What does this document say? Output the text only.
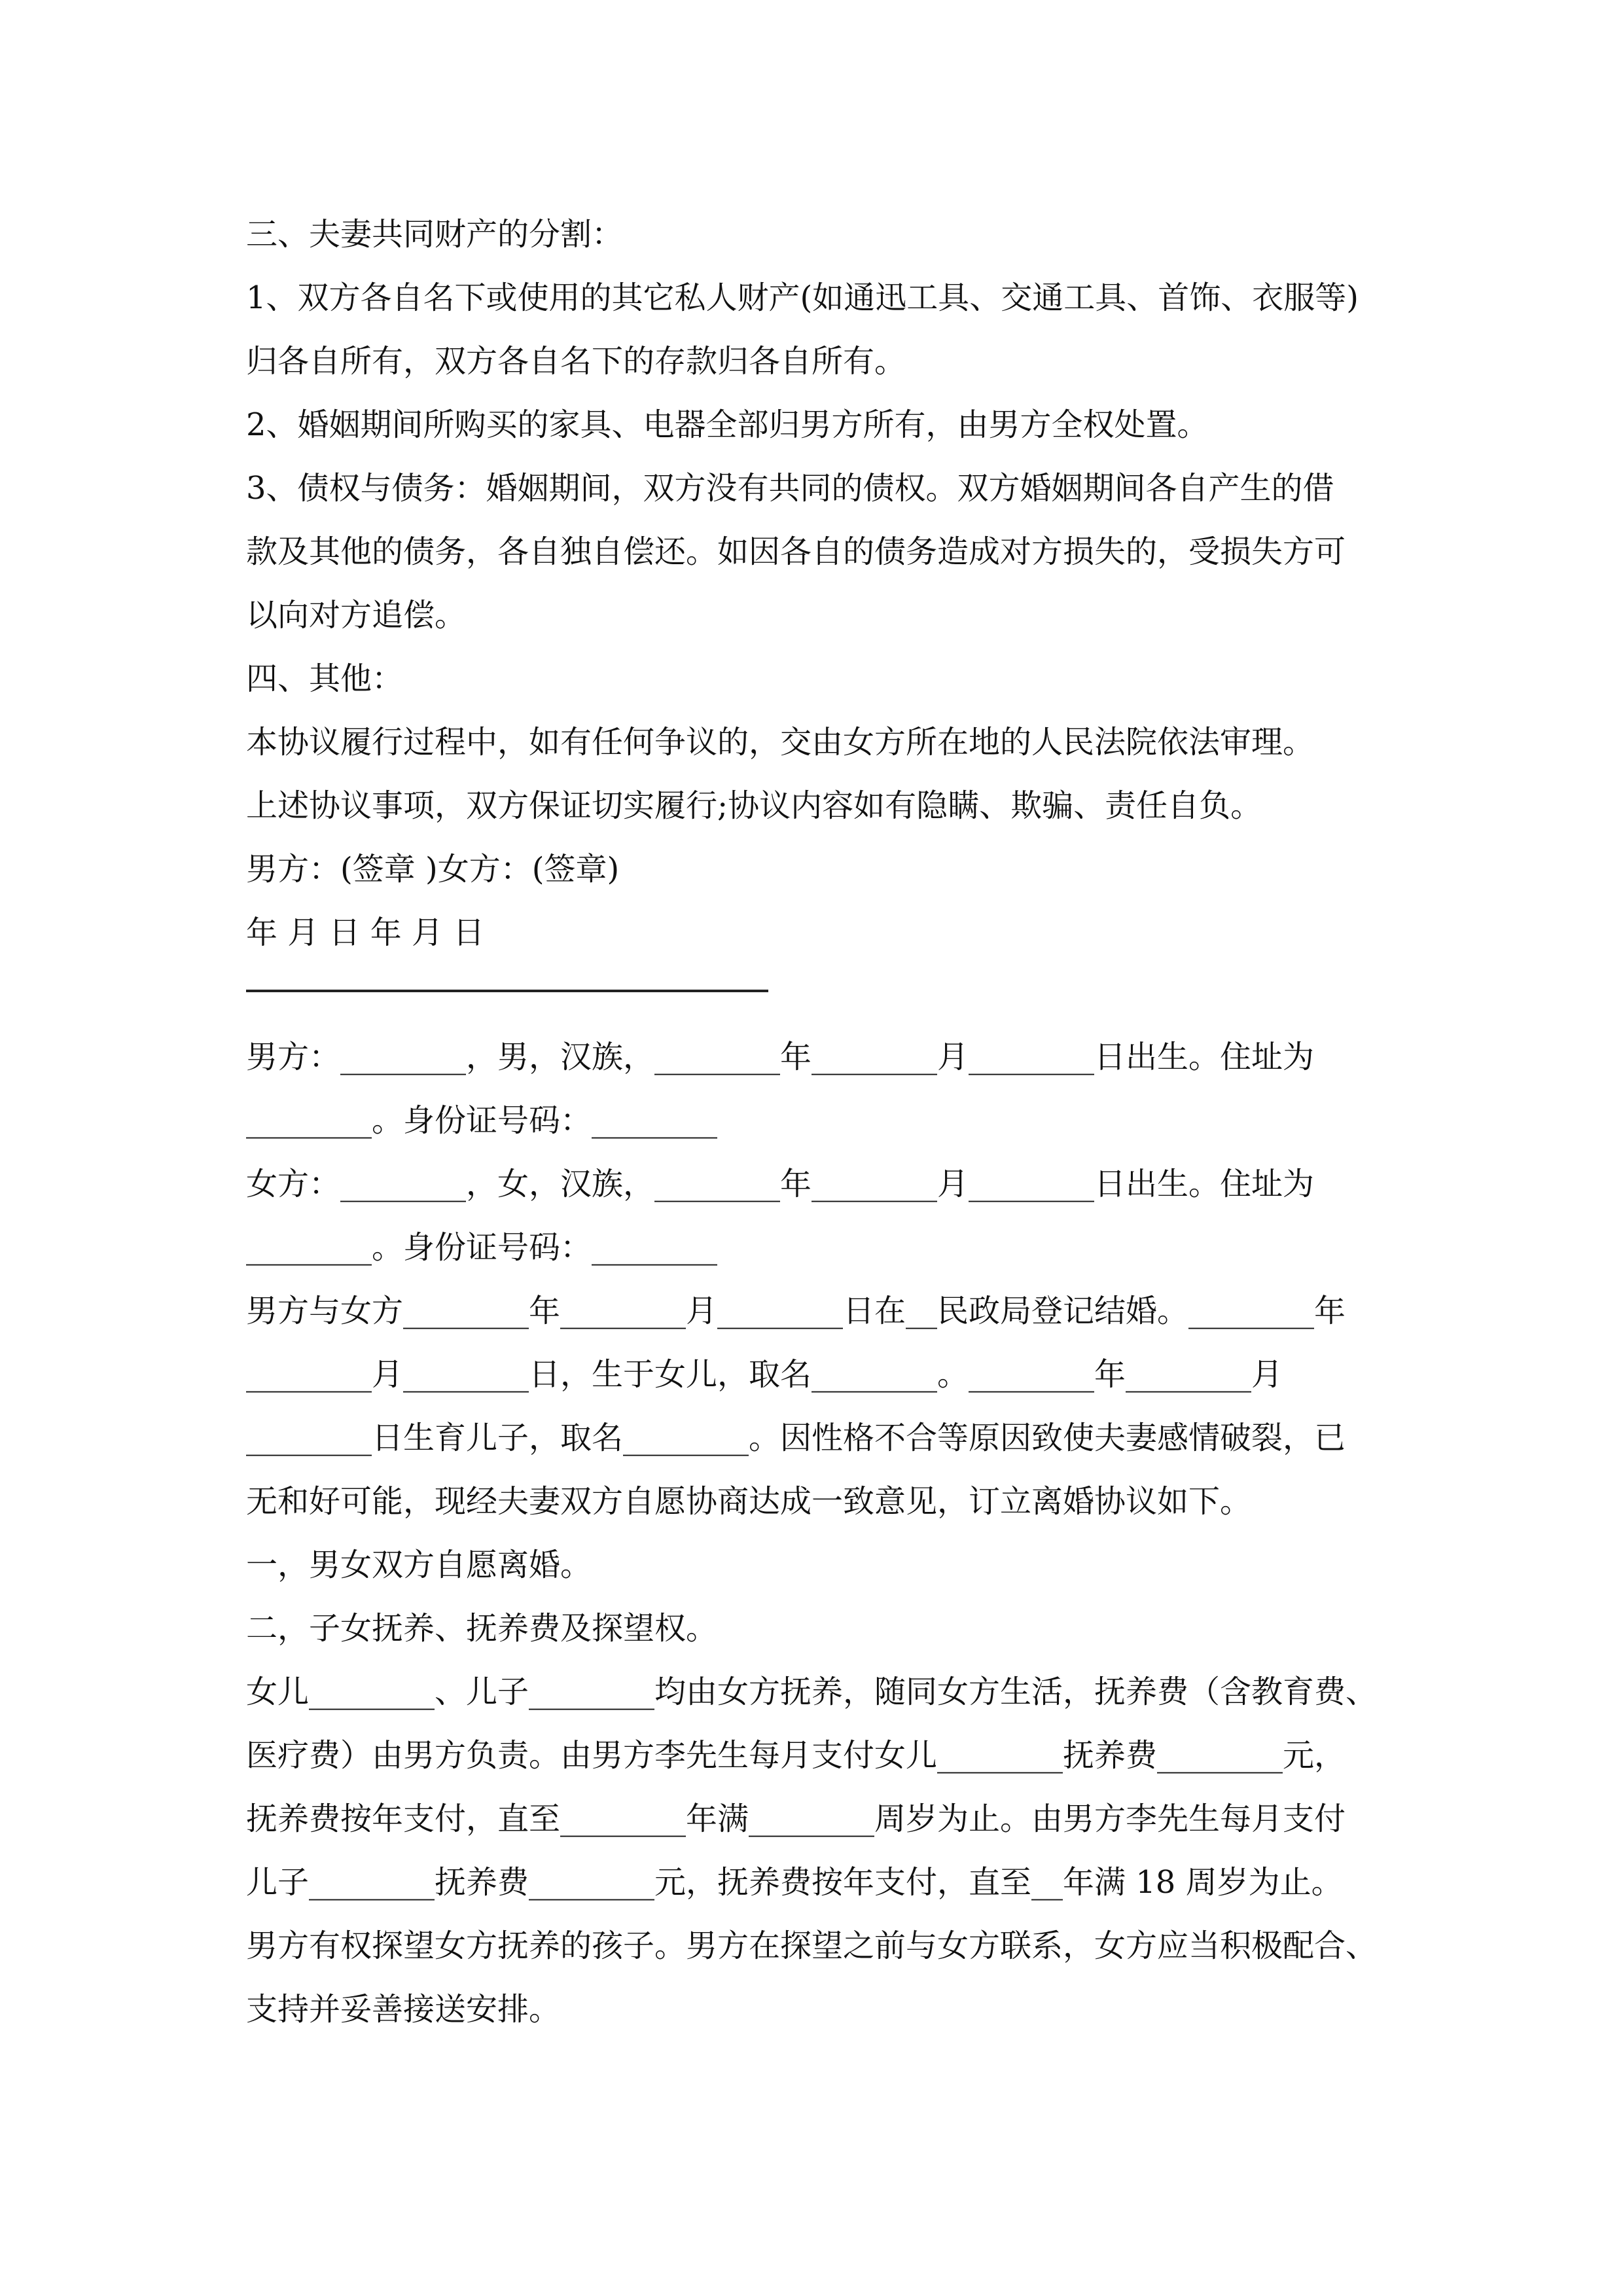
三、夫妻共同财产的分割：
1、双方各自名下或使用的其它私人财产(如通迅工具、交通工具、首饰、衣服等)
归各自所有，双方各自名下的存款归各自所有。
2、婚姻期间所购买的家具、电器全部归男方所有，由男方全权处置。
3、债权与债务：婚姻期间，双方没有共同的债权。双方婚姻期间各自产生的借
款及其他的债务，各自独自偿还。如因各自的债务造成对方损失的，受损失方可
以向对方追偿。
四、其他：
本协议履行过程中，如有任何争议的，交由女方所在地的人民法院依法审理。
上述协议事项，双方保证切实履行;协议内容如有隐瞒、欺骗、责任自负。
男方：(签章 )女方：(签章)
年 月 日 年 月 日
男方：________，男，汉族，________年________月________日出生。住址为
________。身份证号码：________
女方：________，女，汉族，________年________月________日出生。住址为
________。身份证号码：________
男方与女方________年________月________日在__民政局登记结婚。________年
________月________日，生于女儿，取名________。________年________月
________日生育儿子，取名________。因性格不合等原因致使夫妻感情破裂，已
无和好可能，现经夫妻双方自愿协商达成一致意见，订立离婚协议如下。
一，男女双方自愿离婚。
二，子女抚养、抚养费及探望权。
女儿________、儿子________均由女方抚养，随同女方生活，抚养费（含教育费、
医疗费）由男方负责。由男方李先生每月支付女儿________抚养费________元，
抚养费按年支付，直至________年满________周岁为止。由男方李先生每月支付
儿子________抚养费________元，抚养费按年支付，直至__年满 18 周岁为止。
男方有权探望女方抚养的孩子。男方在探望之前与女方联系，女方应当积极配合、
支持并妥善接送安排。
